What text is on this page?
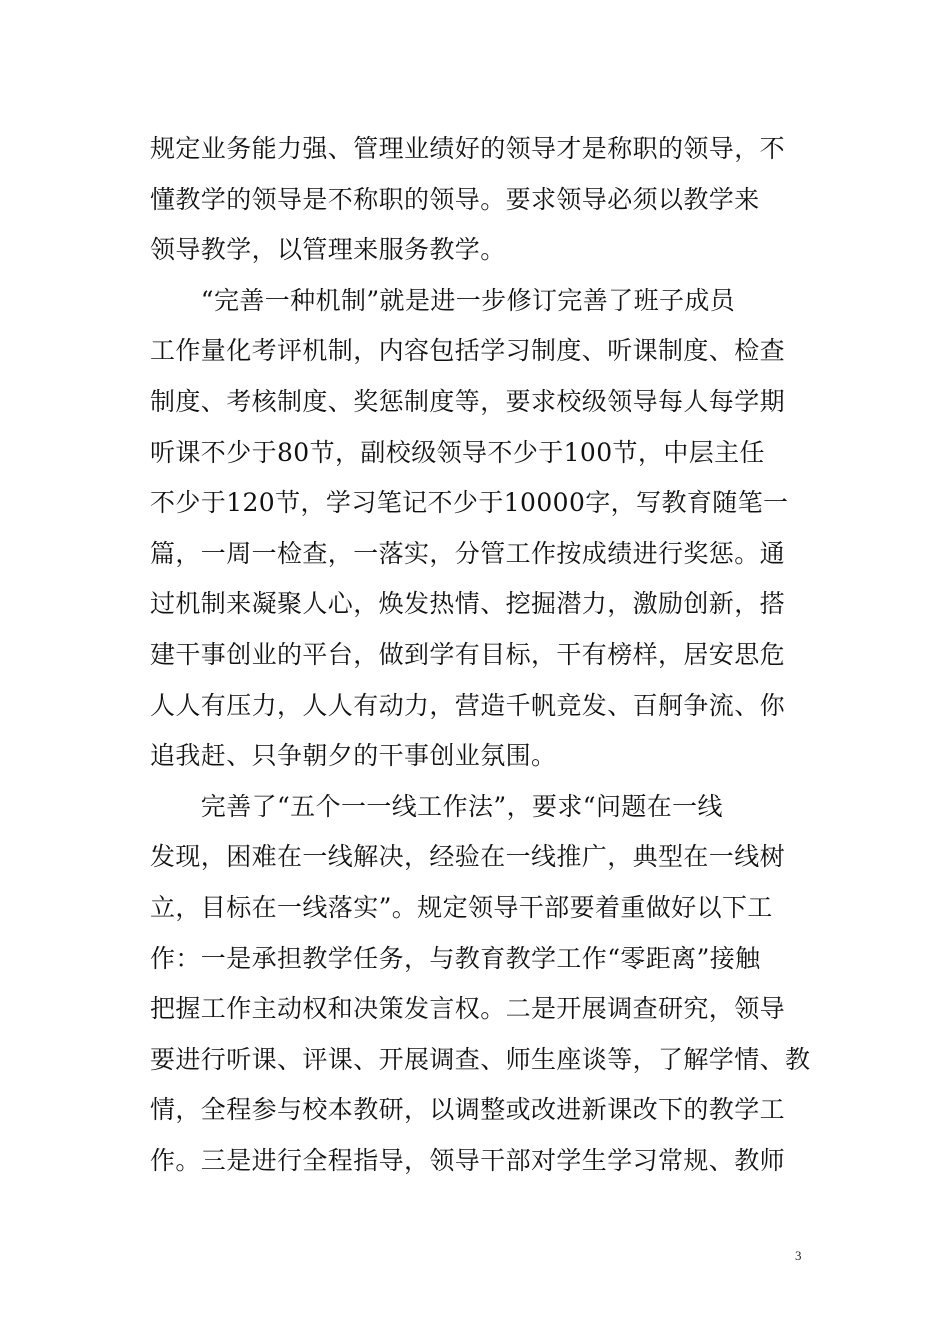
规定业务能力强、管理业绩好的领导才是称职的领导，不
懂教学的领导是不称职的领导。要求领导必须以教学来
领导教学，以管理来服务教学。
　　“完善一种机制”就是进一步修订完善了班子成员
工作量化考评机制，内容包括学习制度、听课制度、检查
制度、考核制度、奖惩制度等，要求校级领导每人每学期
听课不少于80节，副校级领导不少于100节，中层主任
不少于120节，学习笔记不少于10000字，写教育随笔一
篇，一周一检查，一落实，分管工作按成绩进行奖惩。通
过机制来凝聚人心，焕发热情、挖掘潜力，激励创新，搭
建干事创业的平台，做到学有目标，干有榜样，居安思危
人人有压力，人人有动力，营造千帆竞发、百舸争流、你
追我赶、只争朝夕的干事创业氛围。
　　完善了“五个一一线工作法”，要求“问题在一线
发现，困难在一线解决，经验在一线推广，典型在一线树
立，目标在一线落实”。规定领导干部要着重做好以下工
作：一是承担教学任务，与教育教学工作“零距离”接触
把握工作主动权和决策发言权。二是开展调查研究，领导
要进行听课、评课、开展调查、师生座谈等，了解学情、教
情，全程参与校本教研，以调整或改进新课改下的教学工
作。三是进行全程指导，领导干部对学生学习常规、教师
3
